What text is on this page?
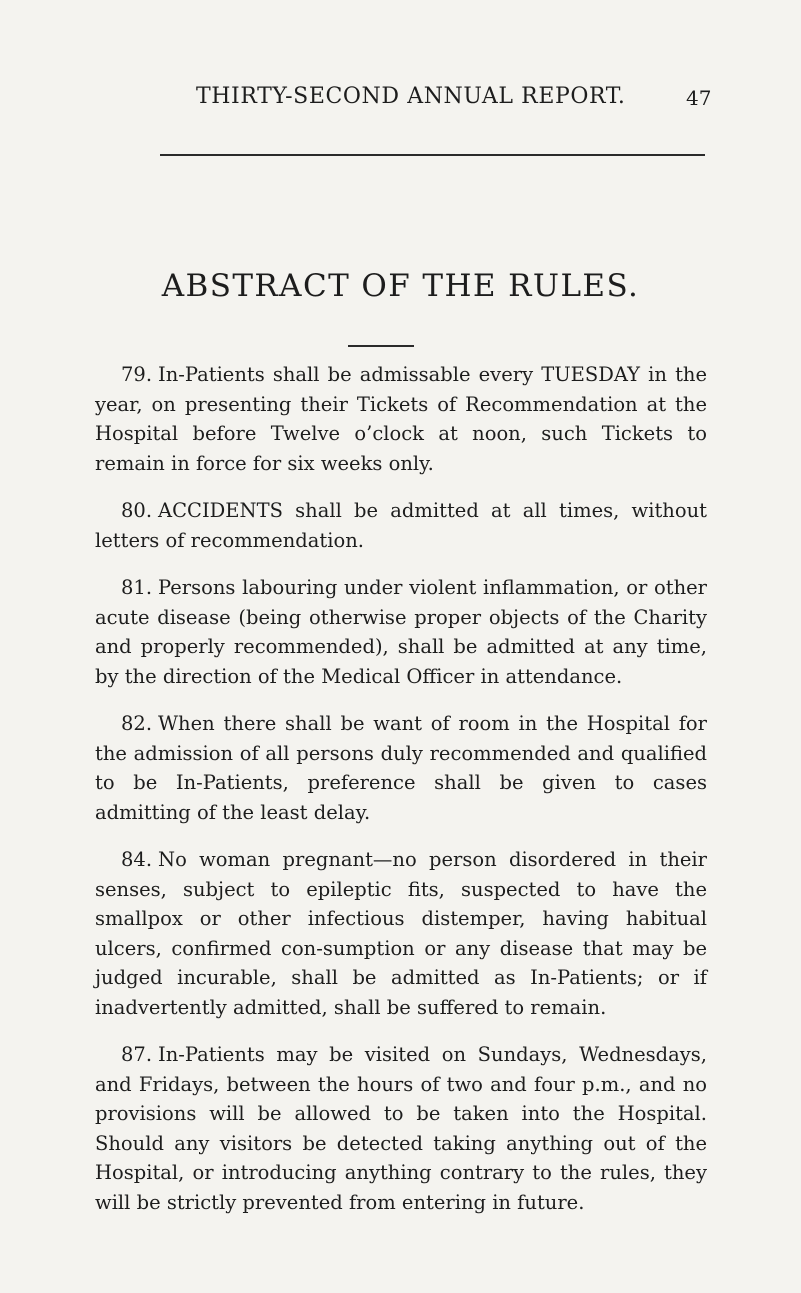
THIRTY-SECOND ANNUAL REPORT.	47
ABSTRACT OF THE RULES.

79. In-Patients shall be admissable every TUESDAY in the year, on presenting their Tickets of Recommendation at the Hospital before Twelve o’clock at noon, such Tickets to remain in force for six weeks only.

80. ACCIDENTS shall be admitted at all times, without letters of recommendation.

81. Persons labouring under violent inflammation, or other acute disease (being otherwise proper objects of the Charity and properly recommended), shall be admitted at any time, by the direction of the Medical Officer in attendance.

82. When there shall be want of room in the Hospital for the admission of all persons duly recommended and qualified to be In-Patients, preference shall be given to cases admitting of the least delay.

84. No woman pregnant—no person disordered in their senses, subject to epileptic fits, suspected to have the smallpox or other infectious distemper, having habitual ulcers, confirmed con-sumption or any disease that may be judged incurable, shall be admitted as In-Patients; or if inadvertently admitted, shall be suffered to remain.

87. In-Patients may be visited on Sundays, Wednesdays, and Fridays, between the hours of two and four p.m., and no provisions will be allowed to be taken into the Hospital. Should any visitors be detected taking anything out of the Hospital, or introducing anything contrary to the rules, they will be strictly prevented from entering in future.
